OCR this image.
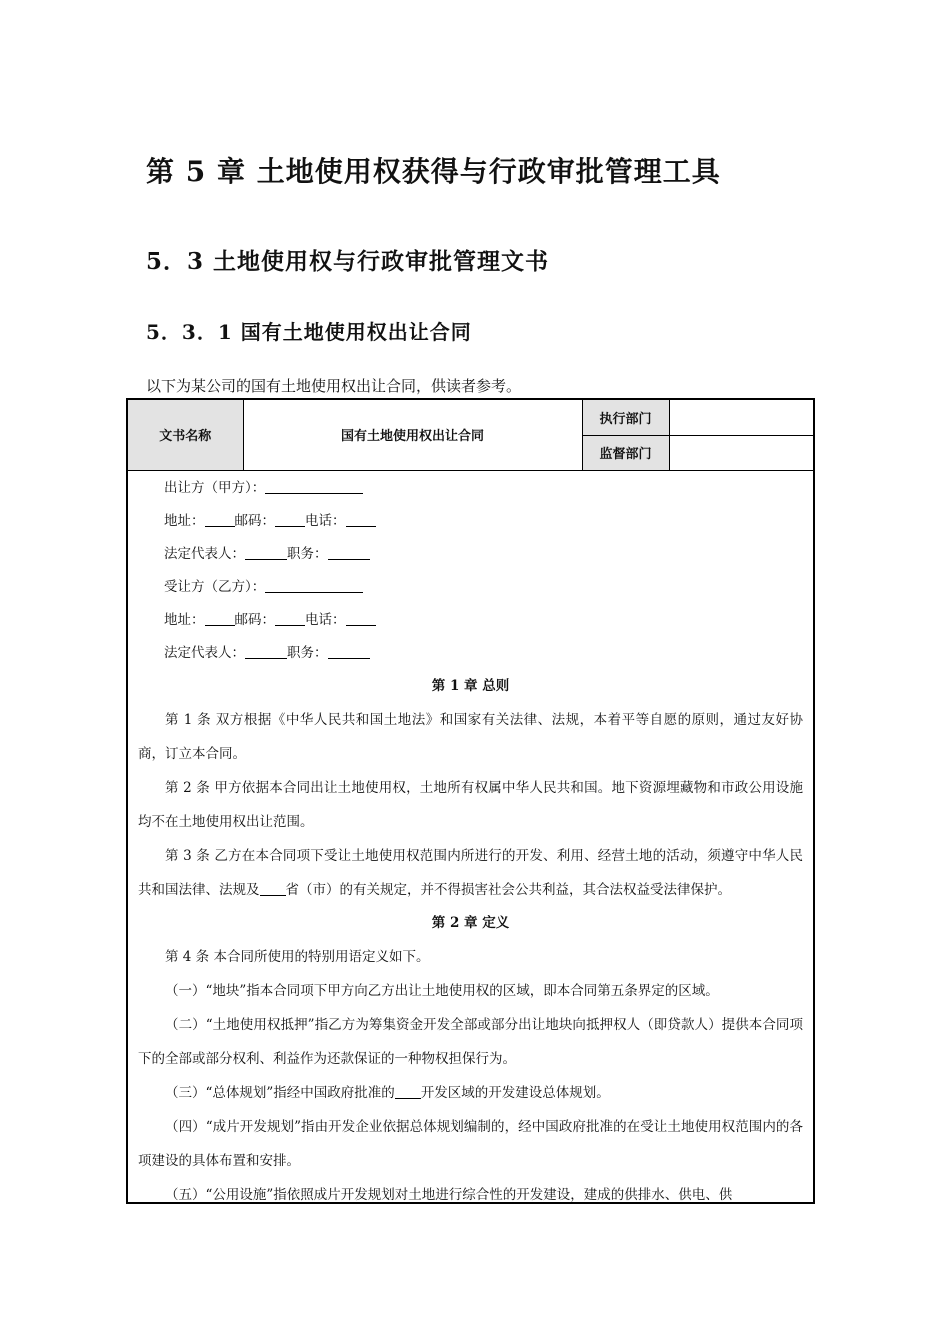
第 5 章 土地使用权获得与行政审批管理工具
5．3 土地使用权与行政审批管理文书
5．3．1 国有土地使用权出让合同
以下为某公司的国有土地使用权出让合同，供读者参考。
文书名称	国有土地使用权出让合同	执行部门	
		监督部门	
出让方（甲方）：
地址： 邮码： 电话：
法定代表人：	职务：
受让方（乙方）：
地址： 邮码： 电话：
法定代表人：	职务：
第 1 章 总则
第 1 条 双方根据《中华人民共和国土地法》和国家有关法律、法规，本着平等自愿的原则，通过友好协商，订立本合同。
第 2 条 甲方依据本合同出让土地使用权，土地所有权属中华人民共和国。地下资源埋藏物和市政公用设施均不在土地使用权出让范围。
第 3 条 乙方在本合同项下受让土地使用权范围内所进行的开发、利用、经营土地的活动，须遵守中华人民共和国法律、法规及 省（市）的有关规定，并不得损害社会公共利益，其合法权益受法律保护。
第 2 章 定义
第 4 条 本合同所使用的特别用语定义如下。
（一）“地块”指本合同项下甲方向乙方出让土地使用权的区域，即本合同第五条界定的区域。
（二）“土地使用权抵押”指乙方为筹集资金开发全部或部分出让地块向抵押权人（即贷款人）提供本合同项下的全部或部分权利、利益作为还款保证的一种物权担保行为。
（三）“总体规划”指经中国政府批准的 开发区域的开发建设总体规划。
（四）“成片开发规划”指由开发企业依据总体规划编制的，经中国政府批准的在受让土地使用权范围内的各项建设的具体布置和安排。
（五）“公用设施”指依照成片开发规划对土地进行综合性的开发建设，建成的供排水、供电、供
